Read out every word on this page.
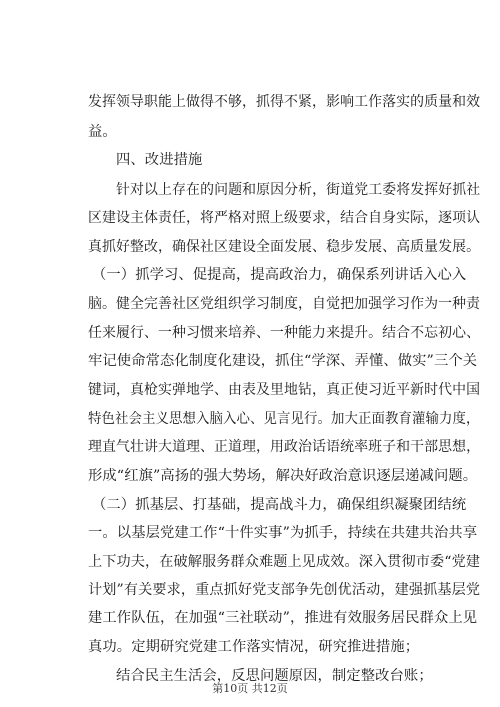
发挥领导职能上做得不够，抓得不紧，影响工作落实的质量和效
益。
四、改进措施
针对以上存在的问题和原因分析，街道党工委将发挥好抓社
区建设主体责任，将严格对照上级要求，结合自身实际，逐项认
真抓好整改，确保社区建设全面发展、稳步发展、高质量发展。
（一）抓学习、促提高，提高政治力，确保系列讲话入心入
脑。健全完善社区党组织学习制度，自觉把加强学习作为一种责
任来履行、一种习惯来培养、一种能力来提升。结合不忘初心、
牢记使命常态化制度化建设，抓住“学深、弄懂、做实”三个关
键词，真枪实弹地学、由表及里地钻，真正使习近平新时代中国
特色社会主义思想入脑入心、见言见行。加大正面教育灌输力度，
理直气壮讲大道理、正道理，用政治话语统率班子和干部思想，
形成“红旗”高扬的强大势场，解决好政治意识逐层递减问题。
（二）抓基层、打基础，提高战斗力，确保组织凝聚团结统
一。以基层党建工作“十件实事”为抓手，持续在共建共治共享
上下功夫，在破解服务群众难题上见成效。深入贯彻市委“党建
计划”有关要求，重点抓好党支部争先创优活动，建强抓基层党
建工作队伍，在加强“三社联动”，推进有效服务居民群众上见
真功。定期研究党建工作落实情况，研究推进措施；
结合民主生活会，反思问题原因，制定整改台账；
第10页 共12页
